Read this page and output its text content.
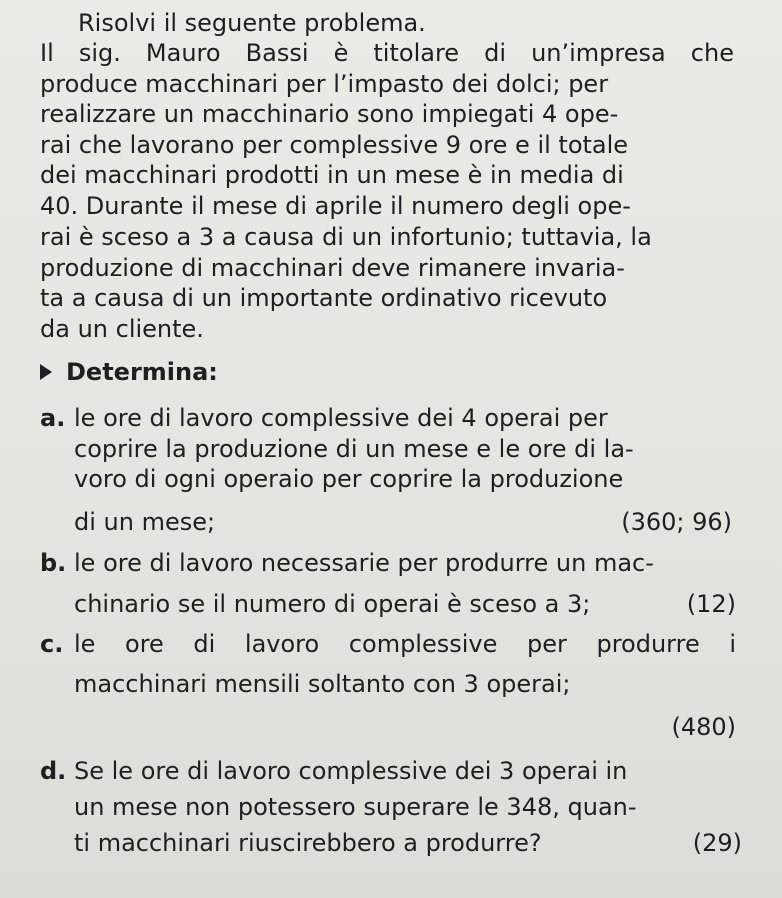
Risolvi il seguente problema.
Il sig. Mauro Bassi è titolare di un’impresa che
produce macchinari per l’impasto dei dolci; per
realizzare un macchinario sono impiegati 4 ope-
rai che lavorano per complessive 9 ore e il totale
dei macchinari prodotti in un mese è in media di
40. Durante il mese di aprile il numero degli ope-
rai è sceso a 3 a causa di un infortunio; tuttavia, la
produzione di macchinari deve rimanere invaria-
ta a causa di un importante ordinativo ricevuto
da un cliente.
Determina:
a. le ore di lavoro complessive dei 4 operai per
coprire la produzione di un mese e le ore di la-
voro di ogni operaio per coprire la produzione
di un mese;	(360; 96)
b. le ore di lavoro necessarie per produrre un mac-
chinario se il numero di operai è sceso a 3;	(12)
c. le ore di lavoro complessive per produrre i
macchinari mensili soltanto con 3 operai;
(480)
d. Se le ore di lavoro complessive dei 3 operai in
un mese non potessero superare le 348, quan-
ti macchinari riuscirebbero a produrre?	(29)
